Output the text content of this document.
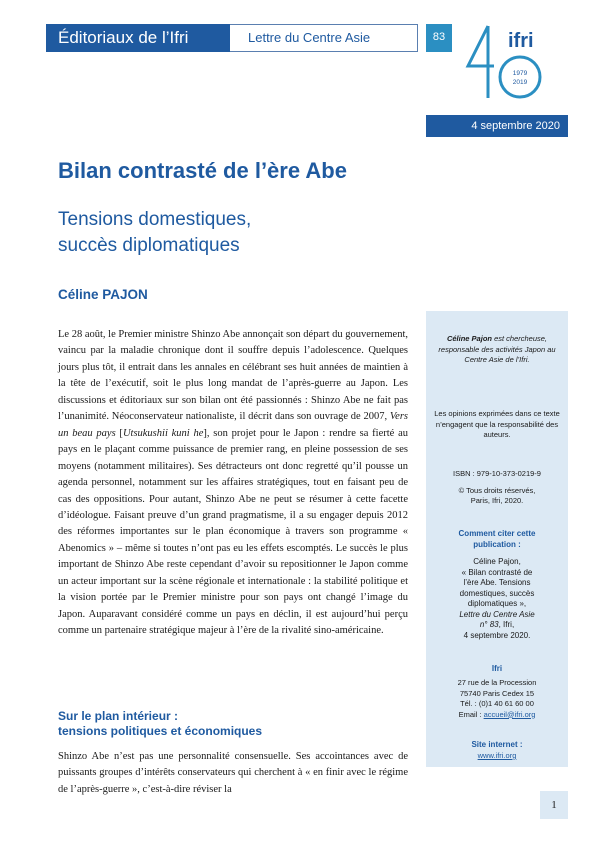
Éditoriaux de l’Ifri	Lettre du Centre Asie	83	ifri
1979
2019
4 septembre 2020
Bilan contrasté de l’ère Abe
Tensions domestiques,
succès diplomatiques
Céline PAJON
Le 28 août, le Premier ministre Shinzo Abe annonçait son départ du gouvernement, vaincu par la maladie chronique dont il souffre depuis l’adolescence. Quelques jours plus tôt, il entrait dans les annales en célébrant ses huit années de maintien à la tête de l’exécutif, soit le plus long mandat de l’après-guerre au Japon. Les discussions et éditoriaux sur son bilan ont été passionnés : Shinzo Abe ne fait pas l’unanimité. Néoconservateur nationaliste, il décrit dans son ouvrage de 2007, Vers un beau pays [Utsukushii kuni he], son projet pour le Japon : rendre sa fierté au pays en le plaçant comme puissance de premier rang, en pleine possession de ses moyens (notamment militaires). Ses détracteurs ont donc regretté qu’il pousse un agenda personnel, notamment sur les affaires stratégiques, tout en faisant peu de cas des oppositions. Pour autant, Shinzo Abe ne peut se résumer à cette facette d’idéologue. Faisant preuve d’un grand pragmatisme, il a su engager depuis 2012 des réformes importantes sur le plan économique à travers son programme « Abenomics » – même si toutes n’ont pas eu les effets escomptés. Le succès le plus important de Shinzo Abe reste cependant d’avoir su repositionner le Japon comme un acteur important sur la scène régionale et internationale : la stabilité politique et la vision portée par le Premier ministre pour son pays ont changé l’image du Japon. Auparavant considéré comme un pays en déclin, il est aujourd’hui perçu comme un partenaire stratégique majeur à l’ère de la rivalité sino-américaine.
Sur le plan intérieur :
tensions politiques et économiques
Shinzo Abe n’est pas une personnalité consensuelle. Ses accointances avec de puissants groupes d’intérêts conservateurs qui cherchent à « en finir avec le régime de l’après-guerre », c’est-à-dire réviser la
Céline Pajon est chercheuse, responsable des activités Japon au Centre Asie de l’Ifri.
Les opinions exprimées dans ce texte n’engagent que la responsabilité des auteurs.
ISBN : 979-10-373-0219-9
© Tous droits réservés,
Paris, Ifri, 2020.
Comment citer cette
publication :
Céline Pajon,
« Bilan contrasté de
l’ère Abe. Tensions
domestiques, succès
diplomatiques »,
Lettre du Centre Asie
n° 83, Ifri,
4 septembre 2020.
Ifri
27 rue de la Procession
75740 Paris Cedex 15
Tél. : (0)1 40 61 60 00
Email : accueil@ifri.org
Site internet :
www.ifri.org
1
